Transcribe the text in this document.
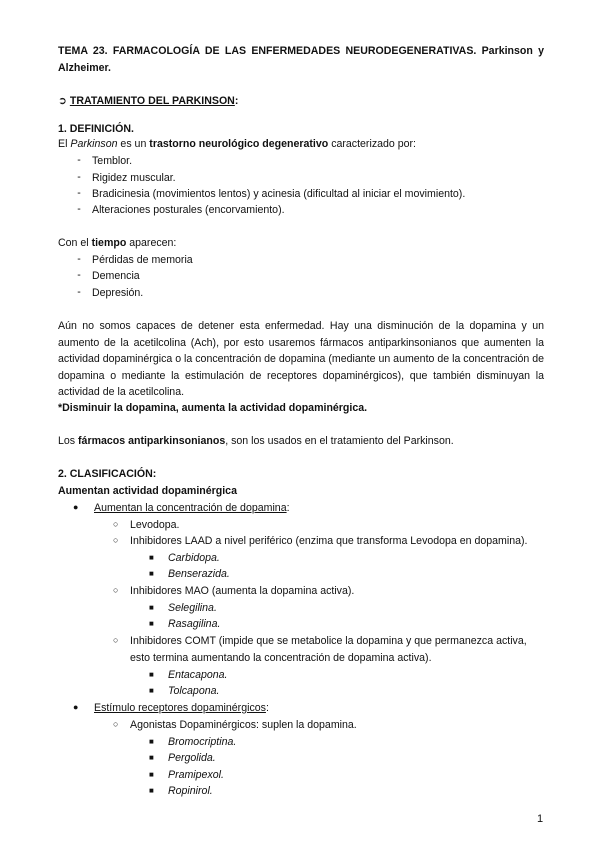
TEMA 23. FARMACOLOGÍA DE LAS ENFERMEDADES NEURODEGENERATIVAS. Parkinson y Alzheimer.
➲ TRATAMIENTO DEL PARKINSON:
1. DEFINICIÓN.
El Parkinson es un trastorno neurológico degenerativo caracterizado por:
-	Temblor.
-	Rigidez muscular.
-	Bradicinesia (movimientos lentos) y acinesia (dificultad al iniciar el movimiento).
-	Alteraciones posturales (encorvamiento).
Con el tiempo aparecen:
-	Pérdidas de memoria
-	Demencia
-	Depresión.
Aún no somos capaces de detener esta enfermedad. Hay una disminución de la dopamina y un aumento de la acetilcolina (Ach), por esto usaremos fármacos antiparkinsonianos que aumenten la actividad dopaminérgica o la concentración de dopamina (mediante un aumento de la concentración de dopamina o mediante la estimulación de receptores dopaminérgicos), que también disminuyan la actividad de la acetilcolina.
*Disminuir la dopamina, aumenta la actividad dopaminérgica.
Los fármacos antiparkinsonianos, son los usados en el tratamiento del Parkinson.
2. CLASIFICACIÓN:
Aumentan actividad dopaminérgica
● Aumentan la concentración de dopamina:
○ Levodopa.
○ Inhibidores LAAD a nivel periférico (enzima que transforma Levodopa en dopamina).
■ Carbidopa.
■ Benserazida.
○ Inhibidores MAO (aumenta la dopamina activa).
■ Selegilina.
■ Rasagilina.
○ Inhibidores COMT (impide que se metabolice la dopamina y que permanezca activa,
esto termina aumentando la concentración de dopamina activa).
■ Entacapona.
■ Tolcapona.
● Estímulo receptores dopaminérgicos:
○ Agonistas Dopaminérgicos: suplen la dopamina.
■ Bromocriptina.
■ Pergolida.
■ Pramipexol.
■ Ropinirol.
1
